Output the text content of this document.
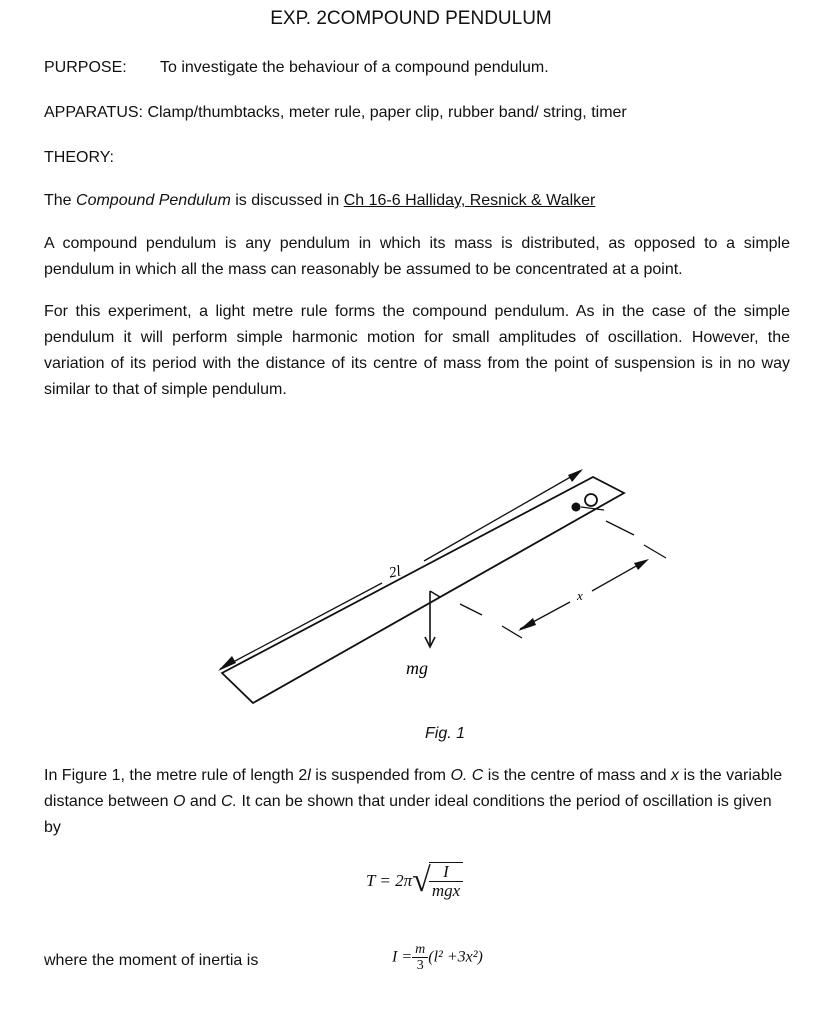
EXP. 2COMPOUND PENDULUM

PURPOSE: To investigate the behaviour of a compound pendulum.

APPARATUS: Clamp/thumbtacks, meter rule, paper clip, rubber band/ string, timer

THEORY:

The Compound Pendulum is discussed in Ch 16-6 Halliday, Resnick & Walker

A compound pendulum is any pendulum in which its mass is distributed, as opposed to a simple pendulum in which all the mass can reasonably be assumed to be concentrated at a point.

For this experiment, a light metre rule forms the compound pendulum. As in the case of the simple pendulum it will perform simple harmonic motion for small amplitudes of oscillation. However, the variation of its period with the distance of its centre of mass from the point of suspension is in no way similar to that of simple pendulum.

2l
x
mg

Fig. 1

In Figure 1, the metre rule of length 2l is suspended from O. C is the centre of mass and x is the variable distance between O and C. It can be shown that under ideal conditions the period of oscillation is given by

T = 2π√
$\frac{I}{\text{mgx}}$

where the moment of inertia is	$I = \frac{m}{3} (l^2 +3x^2)$
